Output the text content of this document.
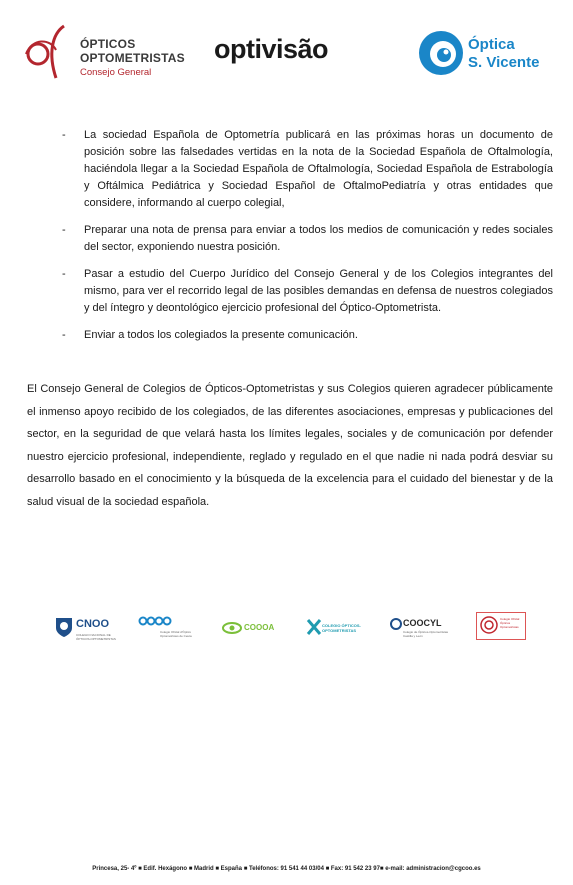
ÓPTICOS
OPTOMETRISTAS
Consejo General
optivisão	Óptica
S. Vicente
- La sociedad Española de Optometría publicará en las próximas horas un documento de posición sobre las falsedades vertidas en la nota de la Sociedad Española de Oftalmología, haciéndola llegar a la Sociedad Española de Oftalmología, Sociedad Española de Estrabología y Oftálmica Pediátrica y Sociedad Español de OftalmoPediatría y otras entidades que considere, informando al cuerpo colegial,
- Preparar una nota de prensa para enviar a todos los medios de comunicación y redes sociales del sector, exponiendo nuestra posición.
- Pasar a estudio del Cuerpo Jurídico del Consejo General y de los Colegios integrantes del mismo, para ver el recorrido legal de las posibles demandas en defensa de nuestros colegiados y del íntegro y deontológico ejercicio profesional del Óptico-Optometrista.
- Enviar a todos los colegiados la presente comunicación.

El Consejo General de Colegios de Ópticos-Optometristas y sus Colegios quieren agradecer públicamente el inmenso apoyo recibido de los colegiados, de las diferentes asociaciones, empresas y publicaciones del sector, en la seguridad de que velará hasta los límites legales, sociales y de comunicación por defender nuestro ejercicio profesional, independiente, reglado y regulado en el que nadie ni nada podrá desviar su desarrollo basado en el conocimiento y la búsqueda de la excelencia para el cuidado del bienestar y de la salud visual de la sociedad española.

CNOO
COLEGIO NACIONAL DE ÓPTICOS-OPTOMETRISTAS
Colegio Oficial d'Òptics Optometristes de Ceuta
COOOA	COLEGIO ÓPTICOS-OPTOMETRISTAS
COOCYL
Colegio de Ópticos-Optometristas Castilla y León
Colegio Oficial Ópticos Optometristas
Princesa, 25- 4º ■ Edif. Hexágono ■ Madrid ■ España ■ Teléfonos: 91 541 44 03/04 ■ Fax: 91 542 23 97■ e-mail: administracion@cgcoo.es
